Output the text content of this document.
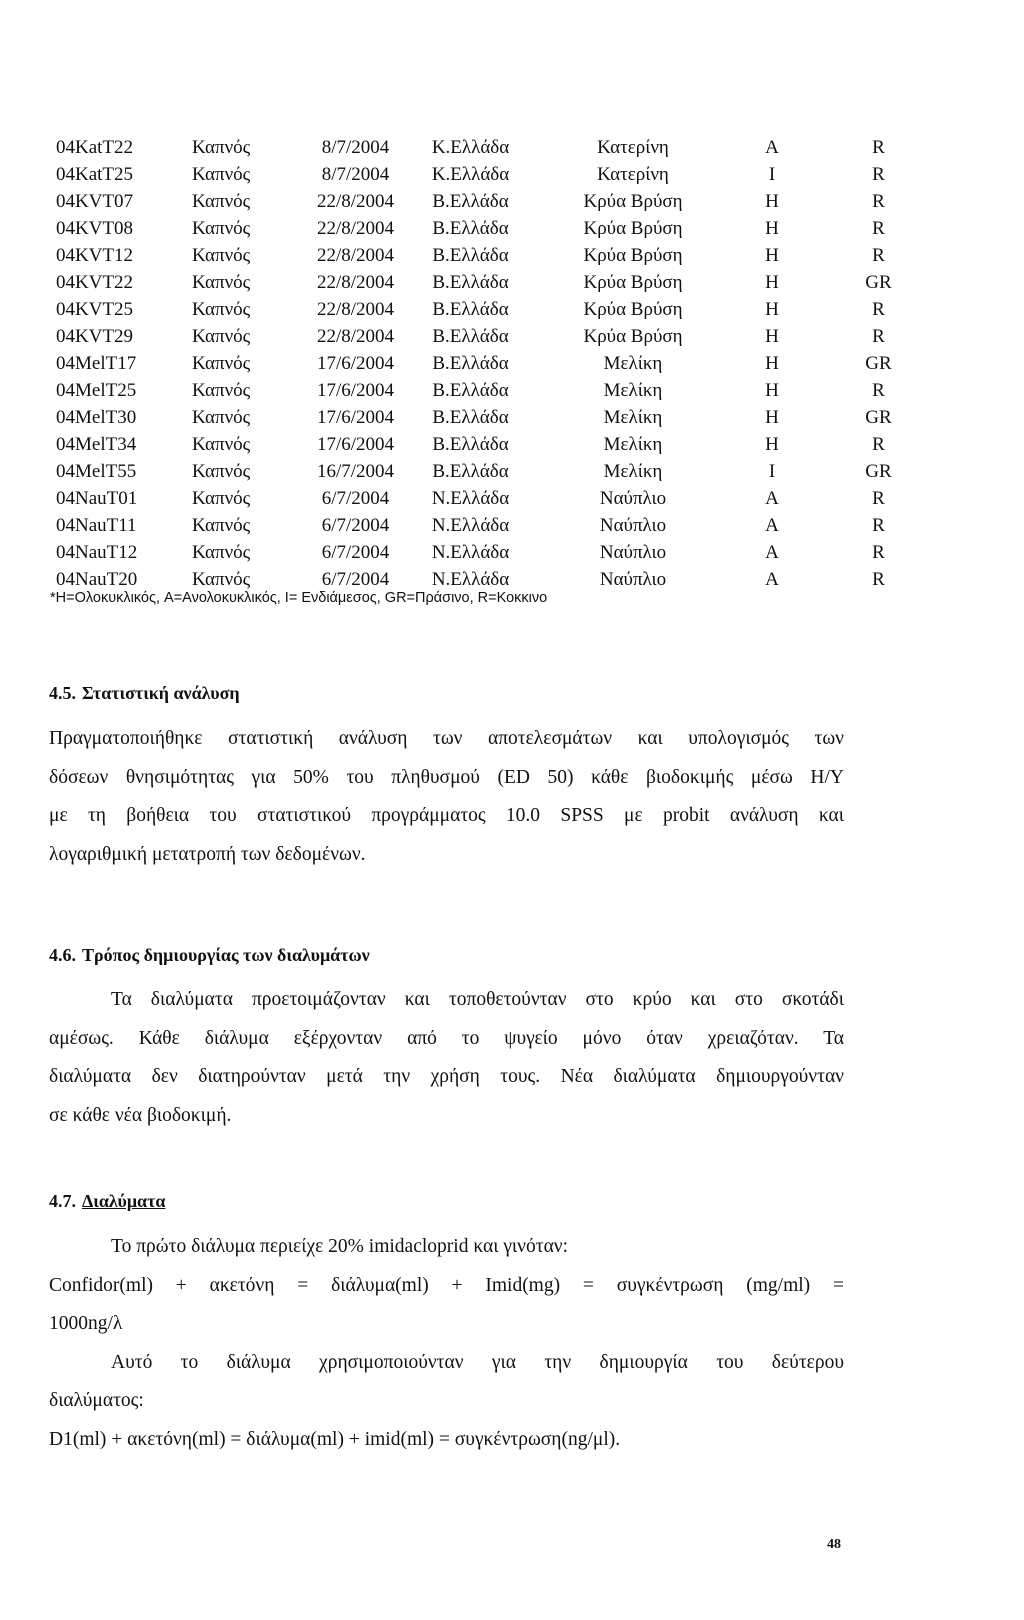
04KatT22	Καπνός	8/7/2004	Κ.Ελλάδα	Κατερίνη	A	R
04KatT25	Καπνός	8/7/2004	Κ.Ελλάδα	Κατερίνη	I	R
04KVT07	Καπνός	22/8/2004	Β.Ελλάδα	Κρύα Βρύση	H	R
04KVT08	Καπνός	22/8/2004	Β.Ελλάδα	Κρύα Βρύση	H	R
04KVT12	Καπνός	22/8/2004	Β.Ελλάδα	Κρύα Βρύση	H	R
04KVT22	Καπνός	22/8/2004	Β.Ελλάδα	Κρύα Βρύση	H	GR
04KVT25	Καπνός	22/8/2004	Β.Ελλάδα	Κρύα Βρύση	H	R
04KVT29	Καπνός	22/8/2004	Β.Ελλάδα	Κρύα Βρύση	H	R
04MelT17	Καπνός	17/6/2004	Β.Ελλάδα	Μελίκη	H	GR
04MelT25	Καπνός	17/6/2004	Β.Ελλάδα	Μελίκη	H	R
04MelT30	Καπνός	17/6/2004	Β.Ελλάδα	Μελίκη	H	GR
04MelT34	Καπνός	17/6/2004	Β.Ελλάδα	Μελίκη	H	R
04MelT55	Καπνός	16/7/2004	Β.Ελλάδα	Μελίκη	I	GR
04NauT01	Καπνός	6/7/2004	Ν.Ελλάδα	Ναύπλιο	A	R
04NauT11	Καπνός	6/7/2004	Ν.Ελλάδα	Ναύπλιο	A	R
04NauT12	Καπνός	6/7/2004	Ν.Ελλάδα	Ναύπλιο	A	R
04NauT20	Καπνός	6/7/2004	Ν.Ελλάδα	Ναύπλιο	A	R
*H=Ολοκυκλικός, A=Ανολοκυκλικός, I= Ενδιάμεσος, GR=Πράσινο, R=Κοκκινο
4.5. Στατιστική ανάλυση
Πραγματοποιήθηκε στατιστική ανάλυση των αποτελεσμάτων και υπολογισμός των
δόσεων θνησιμότητας για 50% του πληθυσμού (ED 50) κάθε βιοδοκιμής μέσω Η/Υ
με τη βοήθεια του στατιστικού προγράμματος 10.0 SPSS με probit ανάλυση και
λογαριθμική μετατροπή των δεδομένων.
4.6. Τρόπος δημιουργίας των διαλυμάτων
Τα διαλύματα προετοιμάζονταν και τοποθετούνταν στο κρύο και στο σκοτάδι
αμέσως. Κάθε διάλυμα εξέρχονταν από το ψυγείο μόνο όταν χρειαζόταν. Τα
διαλύματα δεν διατηρούνταν μετά την χρήση τους. Νέα διαλύματα δημιουργούνταν
σε κάθε νέα βιοδοκιμή.
4.7. Διαλύματα
Το πρώτο διάλυμα περιείχε 20% imidacloprid και γινόταν:
Confidor(ml) + ακετόνη = διάλυμα(ml) + Imid(mg) = συγκέντρωση (mg/ml) =
1000ng/λ
Αυτό το διάλυμα χρησιμοποιούνταν για την δημιουργία του δεύτερου
διαλύματος:
D1(ml) + ακετόνη(ml) = διάλυμα(ml) + imid(ml) = συγκέντρωση(ng/μl).
48
